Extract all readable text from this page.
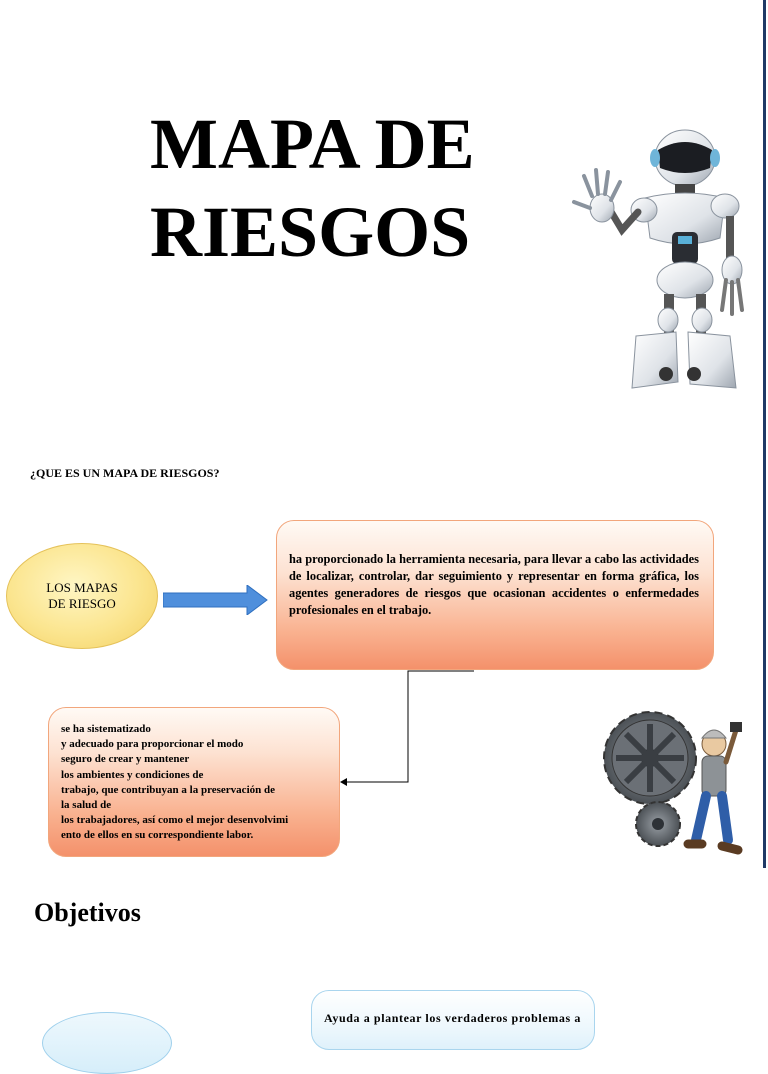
MAPA DE
RIESGOS
¿QUE ES UN MAPA DE RIESGOS?
LOS MAPAS DE RIESGO
ha proporcionado la herramienta necesaria, para llevar a cabo las actividades de localizar, controlar, dar seguimiento y representar en forma gráfica, los agentes generadores de riesgos que ocasionan accidentes o enfermedades profesionales en el trabajo.
se ha sistematizado
y adecuado para proporcionar el modo
seguro de crear y mantener
los ambientes y condiciones de
trabajo, que contribuyan a la preservación de
la salud de
los trabajadores, así como el mejor desenvolvimi
ento de ellos en su correspondiente labor.
Objetivos
Ayuda a plantear los verdaderos problemas a
